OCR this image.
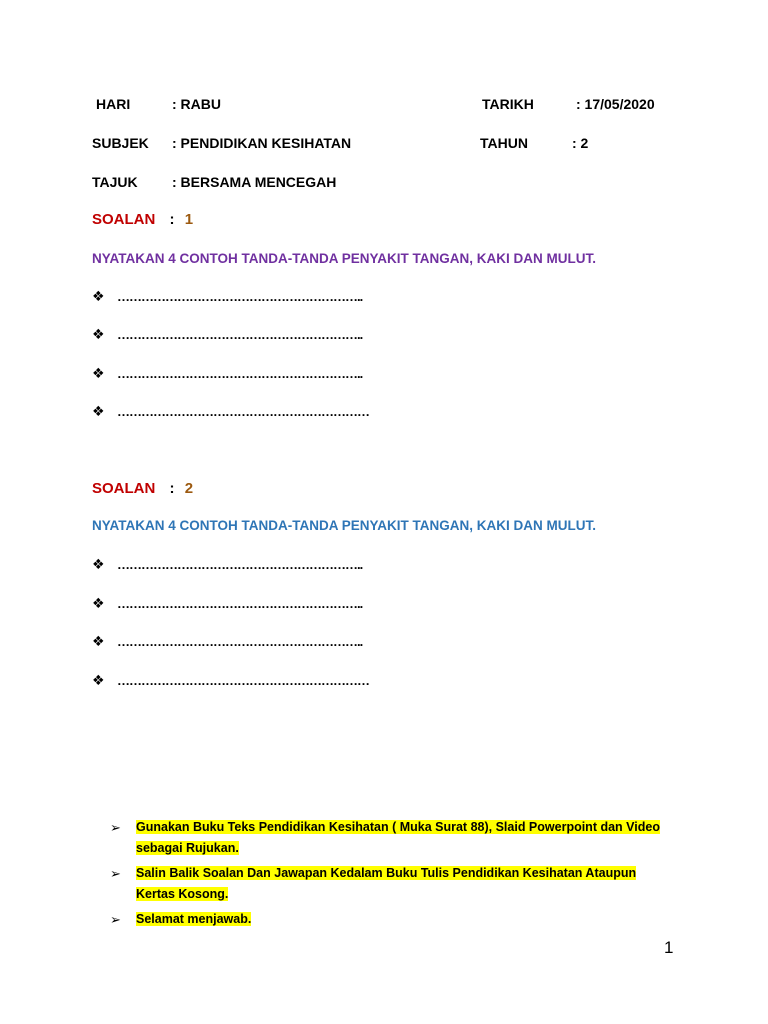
HARI	: RABU	TARIKH	: 17/05/2020
SUBJEK : PENDIDIKAN KESIHATAN	TAHUN	: 2
TAJUK : BERSAMA MENCEGAH
SOALAN : 1
NYATAKAN 4 CONTOH TANDA-TANDA PENYAKIT TANGAN, KAKI DAN MULUT.
❖ ……………………………………………………..
❖ ……………………………………………………..
❖ ……………………………………………………..
❖ ………………………………………………………
SOALAN : 2
NYATAKAN 4 CONTOH TANDA-TANDA PENYAKIT TANGAN, KAKI DAN MULUT.
❖ ……………………………………………………..
❖ ……………………………………………………..
❖ ……………………………………………………..
❖ ………………………………………………………
➢ Gunakan Buku Teks Pendidikan Kesihatan ( Muka Surat 88), Slaid Powerpoint dan Video sebagai Rujukan.
➢ Salin Balik Soalan Dan Jawapan Kedalam Buku Tulis Pendidikan Kesihatan Ataupun Kertas Kosong.
➢ Selamat menjawab.
1
